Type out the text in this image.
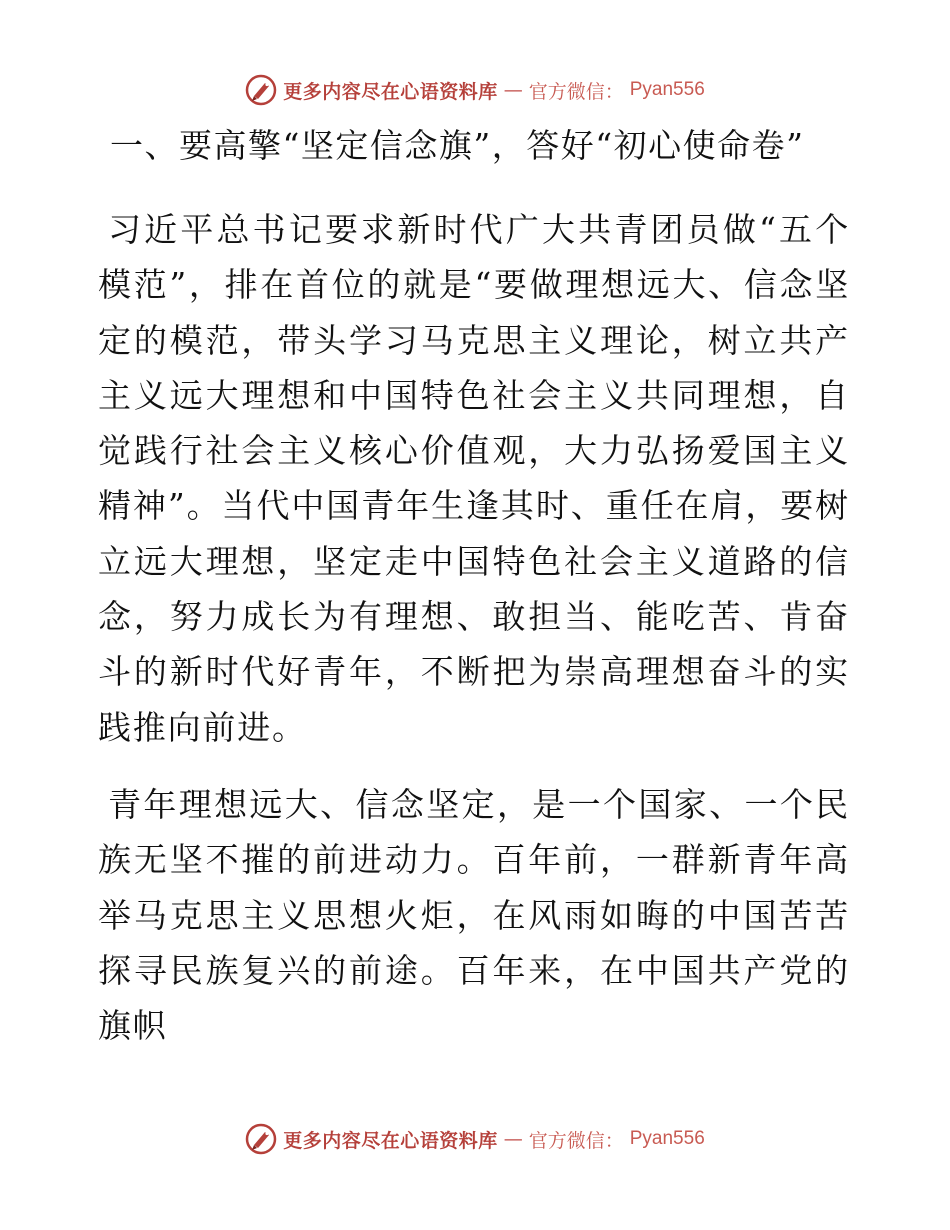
更多内容尽在心语资料库 — 官方微信： Pyan556
一、要高擎“坚定信念旗”，答好“初心使命卷”

习近平总书记要求新时代广大共青团员做“五个模范”，排在首位的就是“要做理想远大、信念坚定的模范，带头学习马克思主义理论，树立共产主义远大理想和中国特色社会主义共同理想，自觉践行社会主义核心价值观，大力弘扬爱国主义精神”。当代中国青年生逢其时、重任在肩，要树立远大理想，坚定走中国特色社会主义道路的信念，努力成长为有理想、敢担当、能吃苦、肯奋斗的新时代好青年，不断把为崇高理想奋斗的实践推向前进。

青年理想远大、信念坚定，是一个国家、一个民族无坚不摧的前进动力。百年前，一群新青年高举马克思主义思想火炬，在风雨如晦的中国苦苦探寻民族复兴的前途。百年来，在中国共产党的旗帜

更多内容尽在心语资料库 — 官方微信： Pyan556
